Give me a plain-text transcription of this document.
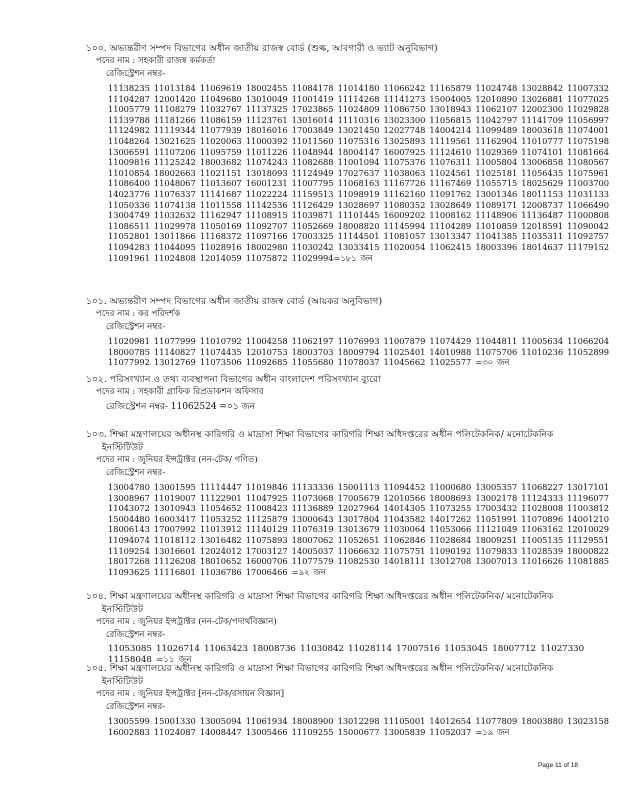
১০০. অভ্যন্তরীণ সম্পদ বিভাগের অধীন জাতীয় রাজস্ব বোর্ড (শুল্ক, আবগারী ও ভ্যাট অনুবিভাগ)

পদের নাম : সহকারী রাজস্ব কর্মকর্তা
রেজিস্ট্রেশন নম্বর-
11138235 11013184 11069619 18002455 11084178 11014180 11066242 11165879 11024748 13028842 11007332
11104287 12001420 11049680 13010049 11001419 11114268 11141273 15004005 12010890 13026881 11077025
11005779 11108279 11032767 11137325 17023865 11024809 11086750 13018943 11062107 12002300 11029828
11139788 11181266 11086159 11123761 13016014 11110316 13023300 11056815 11042797 11141709 11056997
11124982 11119344 11077939 18016016 17003849 13021450 12027748 14004214 11099489 18003618 11074001
11048264 13021625 11020063 11000392 11011560 11075316 13025893 11119561 11162904 11010777 11075198
13006591 11107206 11095759 11011226 11048944 18004147 16007925 11124610 11029369 11074101 11081664
11009816 11125242 18003682 11074243 11082688 11001094 11075376 11076311 11005804 13006858 11080567
11010854 18002663 11021151 13018093 11124949 17027637 11038063 11024561 11025181 11056435 11075961
11086400 11048067 11013607 16001231 11007795 11068163 11167726 11167469 11055715 18025629 11003700
14023776 11076337 11141687 11022224 11159513 11098919 11162160 11091762 13001346 18011153 11031133
11050336 11074138 11011558 11142536 11126429 13028697 11080352 13028649 11089171 12008737 11066490
13004749 11032632 11162947 11108915 11039871 11101445 16009202 11008162 11148906 11136487 11000808
11086511 11029978 11050169 11092707 11052669 18008820 11145994 11104289 11010859 12018591 11090042
11052801 13011866 11168372 11097166 17003325 11144501 11081057 13013347 11041385 11035311 11092757
11094283 11044095 11028916 18002980 11030242 13033415 11020054 11062415 18003396 18014637 11179152
11091961 11024808 12014059 11075872 11029994=১৮১ জন

১০১. অভ্যন্তরীণ সম্পদ বিভাগের অধীন জাতীয় রাজস্ব বোর্ড (আয়কর অনুবিভাগ)

পদের নাম : কর পরিদর্শক
রেজিস্ট্রেশন নম্বর-
11020981 11077999 11010792 11004258 11062197 11076993 11007879 11074429 11044811 11005634 11066204
18000785 11140827 11074435 12010753 18003703 18009794 11025401 14010988 11075706 11010236 11052899
11077992 13012769 11073506 11092685 11055680 11078037 11045662 11025577 =৩০ জন

১০২. পরিসংখ্যান ও তথ্য ব্যবস্থাপনা বিভাগের অধীন বাংলাদেশ পরিসংখ্যান ব্যুরো

পদের নাম : সহকারী গ্রাফিক রিপ্রডাকশন অফিসার
রেজিস্ট্রেশন নম্বর- 11062524 =০১ জন

১০৩. শিক্ষা মন্ত্রণালয়ের অধীনস্থ কারিগরি ও মাদ্রাসা শিক্ষা বিভাগের কারিগরি শিক্ষা অধিদপ্তরের অধীন পলিটেকনিক/ মনোটেকনিক

ইনস্টিটিউট

পদের নাম : জুনিয়র ইন্সট্রাক্টর (নন-টেক/ গণিত)
রেজিস্ট্রেশন নম্বর-
13004780 13001595 11114447 11019846 11133336 15001113 11094452 11000680 13005357 11068227 13017101
13008967 11019007 11122901 11047925 11073068 17005679 12010566 18008693 13002178 11124333 11196077
11043072 13010943 11054652 11008423 11136889 12027964 14014305 11073255 17003432 11028008 11003812
15004480 16003417 11053252 11125879 13000643 13017804 11043582 14017262 11051991 11070896 14001210
18006143 17007992 11013912 11140129 11076319 13013679 11030064 11053066 11121049 11063162 12010029
11094074 11018112 13016482 11075893 18007062 11052651 11062846 11028684 18009251 11005135 11129551
11109254 13016601 12024012 17003127 14005037 11066632 11075751 11090192 11079833 11028539 18000822
18017268 11126208 18010652 16000706 11077579 11082530 14018111 13012708 13007013 11016626 11081885
11093625 11116801 11036786 17006466 =৯২ জন

১০৪. শিক্ষা মন্ত্রণালয়ের অধীনস্থ কারিগরি ও মাদ্রাসা শিক্ষা বিভাগের কারিগরি শিক্ষা অধিদপ্তরের অধীন পলিটেকনিক/ মনোটেকনিক

ইনস্টিটিউট

পদের নাম : জুনিয়র ইন্সট্রাক্টর (নন-টেক/পদার্থবিজ্ঞান)
রেজিস্ট্রেশন নম্বর-
11053085 11026714 11063423 18008736 11030842 11028114 17007516 11053045 18007712 11027330
11158048 =১১ জন

১০৫. শিক্ষা মন্ত্রণালয়ের অধীনস্থ কারিগরি ও মাদ্রাসা শিক্ষা বিভাগের কারিগরি শিক্ষা অধিদপ্তরের অধীন পলিটেকনিক/ মনোটেকনিক

ইনস্টিটিউট

পদের নাম : জুনিয়র ইন্সট্রাক্টর [নন-টেক/রসায়ন বিজ্ঞান]
রেজিস্ট্রেশন নম্বর-
13005599 15001330 13005094 11061934 18008900 13012298 11105001 14012654 11077809 18003880 13023158
16002883 11024087 14008447 13005466 11109255 15000677 13005839 11052037 =১৯ জন
Page 11 of 18
